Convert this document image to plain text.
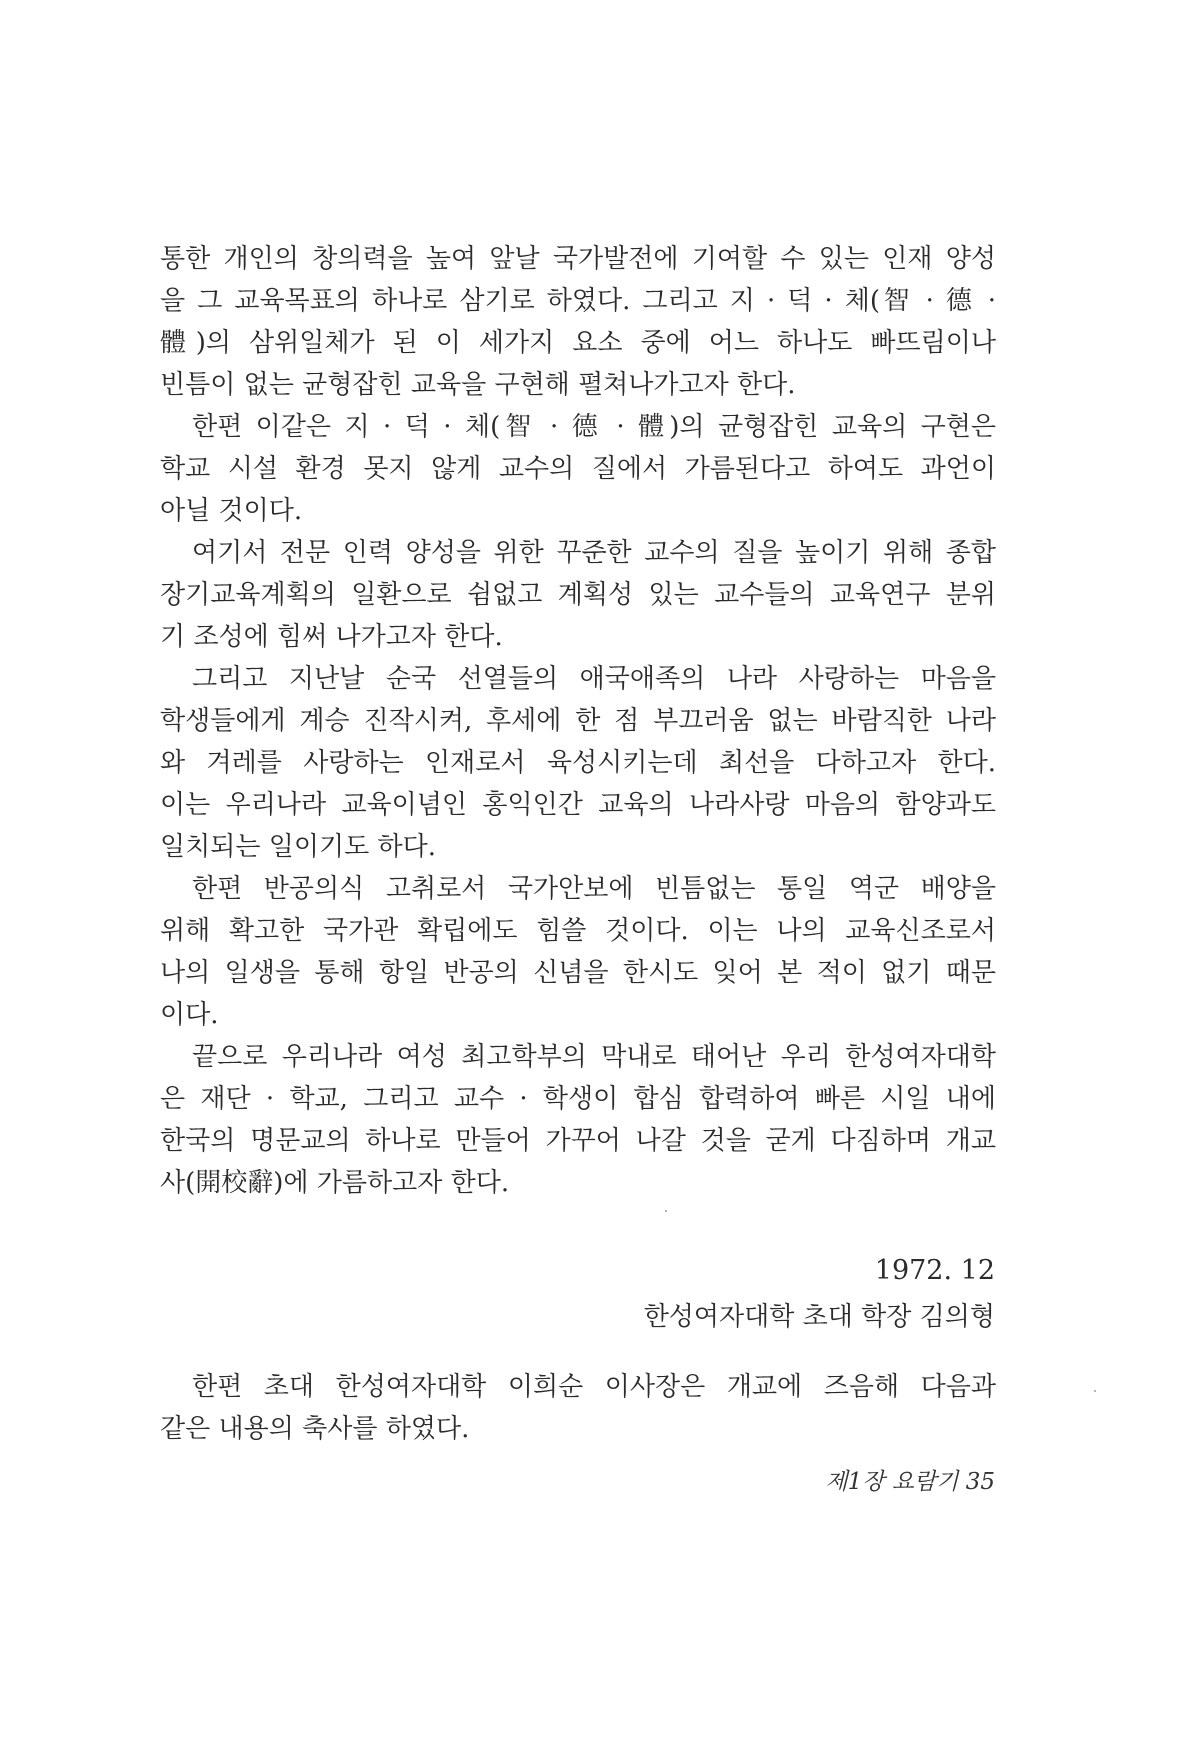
통한 개인의 창의력을 높여 앞날 국가발전에 기여할 수 있는 인재 양성
을 그 교육목표의 하나로 삼기로 하였다. 그리고 지 · 덕 · 체(智 · 德 ·
體)의 삼위일체가 된 이 세가지 요소 중에 어느 하나도 빠뜨림이나
빈틈이 없는 균형잡힌 교육을 구현해 펼쳐나가고자 한다.
한편 이같은 지 · 덕 · 체(智 · 德 · 體)의 균형잡힌 교육의 구현은
학교 시설 환경 못지 않게 교수의 질에서 가름된다고 하여도 과언이
아닐 것이다.
여기서 전문 인력 양성을 위한 꾸준한 교수의 질을 높이기 위해 종합
장기교육계획의 일환으로 쉼없고 계획성 있는 교수들의 교육연구 분위
기 조성에 힘써 나가고자 한다.
그리고 지난날 순국 선열들의 애국애족의 나라 사랑하는 마음을
학생들에게 계승 진작시켜, 후세에 한 점 부끄러움 없는 바람직한 나라
와 겨레를 사랑하는 인재로서 육성시키는데 최선을 다하고자 한다.
이는 우리나라 교육이념인 홍익인간 교육의 나라사랑 마음의 함양과도
일치되는 일이기도 하다.
한편 반공의식 고취로서 국가안보에 빈틈없는 통일 역군 배양을
위해 확고한 국가관 확립에도 힘쓸 것이다. 이는 나의 교육신조로서
나의 일생을 통해 항일 반공의 신념을 한시도 잊어 본 적이 없기 때문
이다.
끝으로 우리나라 여성 최고학부의 막내로 태어난 우리 한성여자대학
은 재단 · 학교, 그리고 교수 · 학생이 합심 합력하여 빠른 시일 내에
한국의 명문교의 하나로 만들어 가꾸어 나갈 것을 굳게 다짐하며 개교
사(開校辭)에 가름하고자 한다.
1972. 12
한성여자대학 초대 학장 김의형
한편 초대 한성여자대학 이희순 이사장은 개교에 즈음해 다음과
같은 내용의 축사를 하였다.
제1장 요람기 35
